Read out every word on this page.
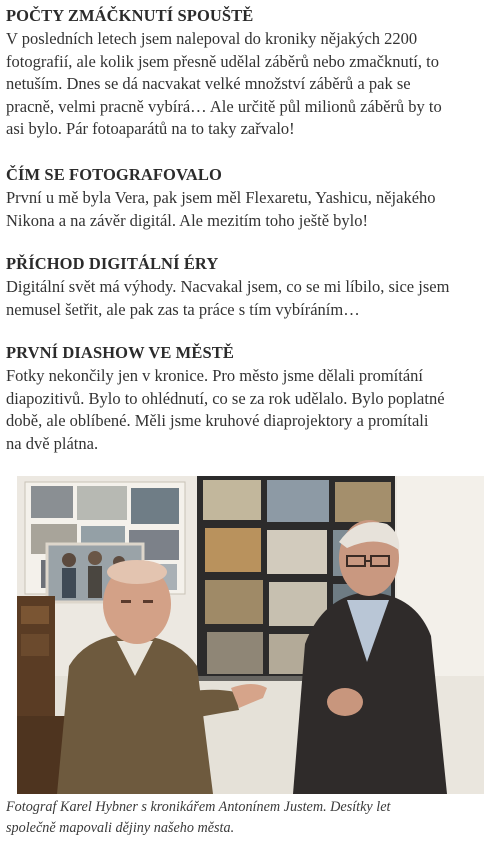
POČTY ZMÁČKNUTÍ SPOUŠTĚ

V posledních letech jsem nalepoval do kroniky nějakých 2200
fotografií, ale kolik jsem přesně udělal záběrů nebo zmačknutí, to
netuším. Dnes se dá nacvakat velké množství záběrů a pak se
pracně, velmi pracně vybírá… Ale určitě půl milionů záběrů by to
asi bylo. Pár fotoaparátů na to taky zařvalo!

ČÍM SE FOTOGRAFOVALO

První u mě byla Vera, pak jsem měl Flexaretu, Yashicu, nějakého
Nikona a na závěr digitál. Ale mezitím toho ještě bylo!

PŘÍCHOD DIGITÁLNÍ ÉRY

Digitální svět má výhody. Nacvakal jsem, co se mi líbilo, sice jsem
nemusel šetřit, ale pak zas ta práce s tím vybíráním…

PRVNÍ DIASHOW VE MĚSTĚ

Fotky nekončily jen v kronice. Pro město jsme dělali promítání
diapozitivů. Bylo to ohlédnutí, co se za rok udělalo. Bylo poplatné
době, ale oblíbené. Měli jsme kruhové diaprojektory a promítali
na dvě plátna.

Fotograf Karel Hybner s kronikářem Antonínem Justem. Desítky let
společně mapovali dějiny našeho města.
